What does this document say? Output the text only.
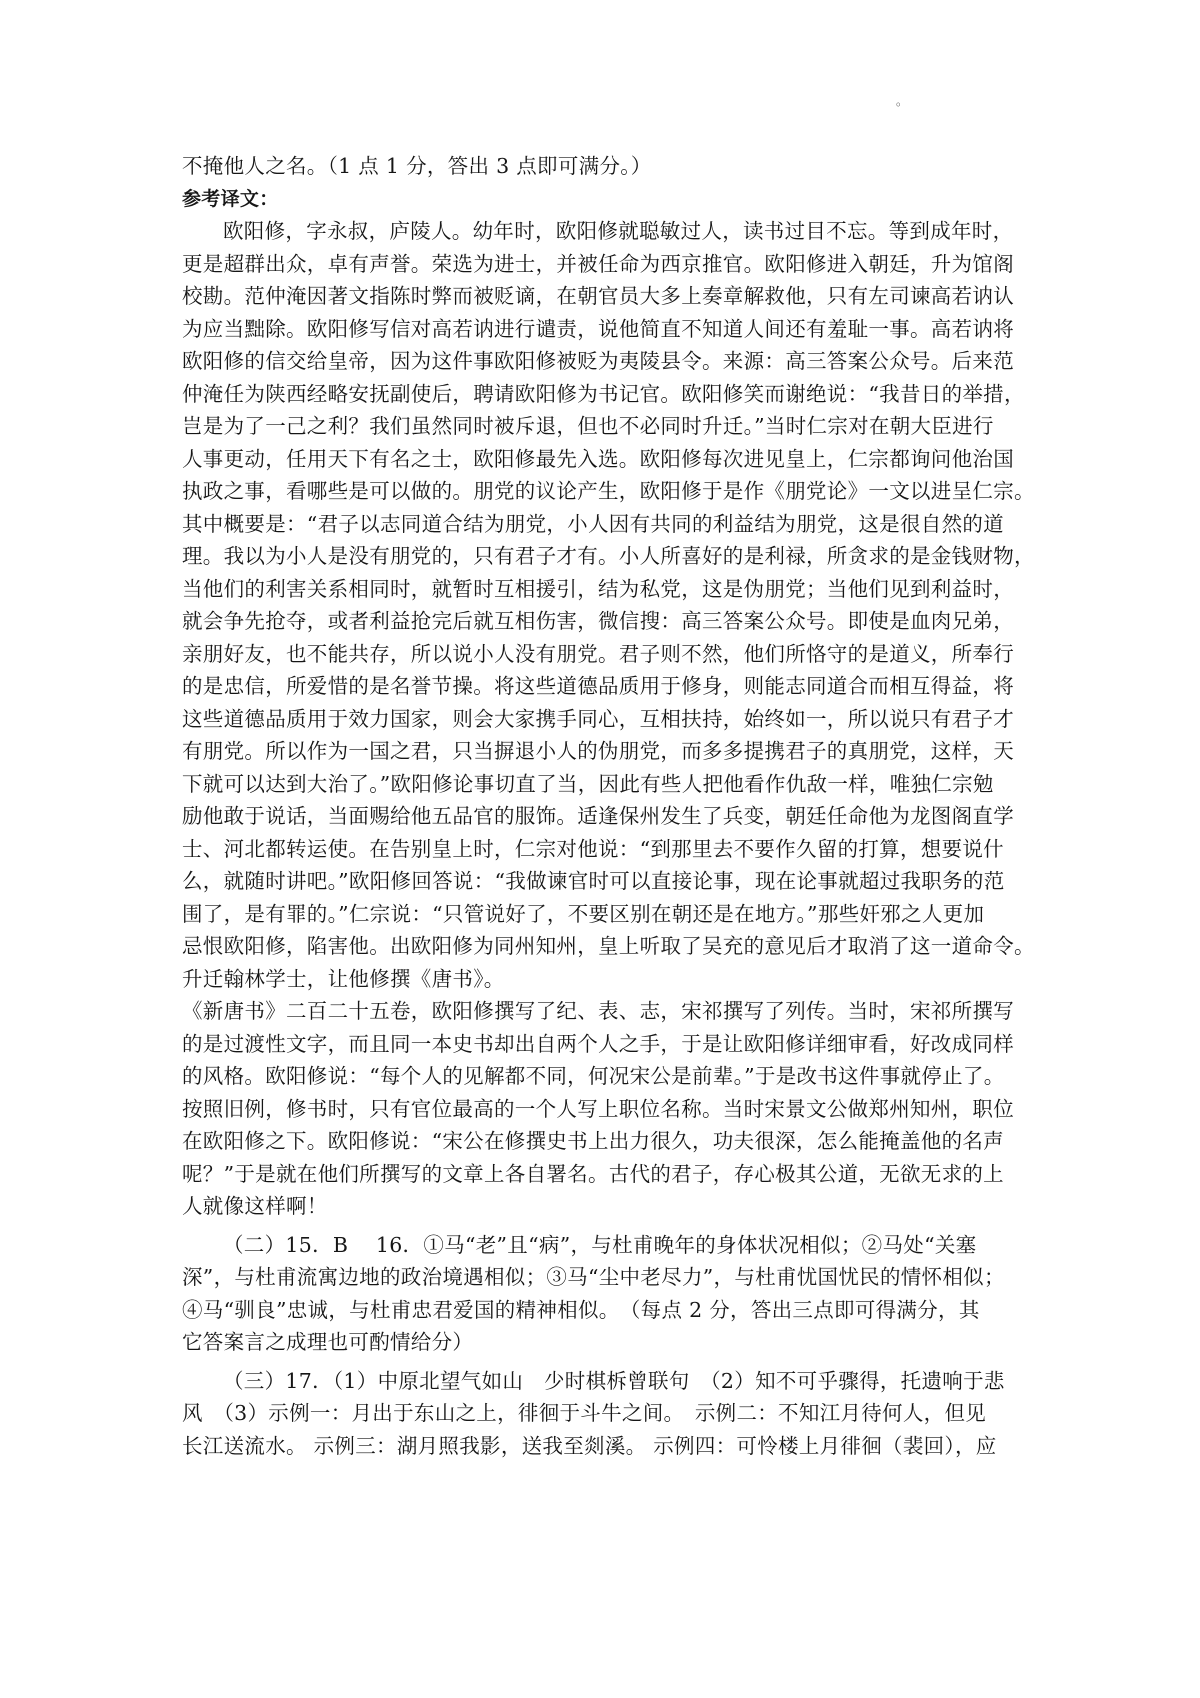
。
不掩他人之名。（1 点 1 分，答出 3 点即可满分。）
参考译文：
欧阳修，字永叔，庐陵人。幼年时，欧阳修就聪敏过人，读书过目不忘。等到成年时，
更是超群出众，卓有声誉。荣选为进士，并被任命为西京推官。欧阳修进入朝廷，升为馆阁
校勘。范仲淹因著文指陈时弊而被贬谪，在朝官员大多上奏章解救他，只有左司谏高若讷认
为应当黜除。欧阳修写信对高若讷进行谴责，说他简直不知道人间还有羞耻一事。高若讷将
欧阳修的信交给皇帝，因为这件事欧阳修被贬为夷陵县令。来源：高三答案公众号。后来范
仲淹任为陕西经略安抚副使后，聘请欧阳修为书记官。欧阳修笑而谢绝说：“我昔日的举措，
岂是为了一己之利？我们虽然同时被斥退，但也不必同时升迁。”当时仁宗对在朝大臣进行
人事更动，任用天下有名之士，欧阳修最先入选。欧阳修每次进见皇上，仁宗都询问他治国
执政之事，看哪些是可以做的。朋党的议论产生，欧阳修于是作《朋党论》一文以进呈仁宗。
其中概要是：“君子以志同道合结为朋党，小人因有共同的利益结为朋党，这是很自然的道
理。我以为小人是没有朋党的，只有君子才有。小人所喜好的是利禄，所贪求的是金钱财物，
当他们的利害关系相同时，就暂时互相援引，结为私党，这是伪朋党；当他们见到利益时，
就会争先抢夺，或者利益抢完后就互相伤害，微信搜：高三答案公众号。即使是血肉兄弟，
亲朋好友，也不能共存，所以说小人没有朋党。君子则不然，他们所恪守的是道义，所奉行
的是忠信，所爱惜的是名誉节操。将这些道德品质用于修身，则能志同道合而相互得益，将
这些道德品质用于效力国家，则会大家携手同心，互相扶持，始终如一，所以说只有君子才
有朋党。所以作为一国之君，只当摒退小人的伪朋党，而多多提携君子的真朋党，这样，天
下就可以达到大治了。”欧阳修论事切直了当，因此有些人把他看作仇敌一样，唯独仁宗勉
励他敢于说话，当面赐给他五品官的服饰。适逢保州发生了兵变，朝廷任命他为龙图阁直学
士、河北都转运使。在告别皇上时，仁宗对他说：“到那里去不要作久留的打算，想要说什
么，就随时讲吧。”欧阳修回答说：“我做谏官时可以直接论事，现在论事就超过我职务的范
围了，是有罪的。”仁宗说：“只管说好了，不要区别在朝还是在地方。”那些奸邪之人更加
忌恨欧阳修，陷害他。出欧阳修为同州知州，皇上听取了吴充的意见后才取消了这一道命令。
升迁翰林学士，让他修撰《唐书》。
《新唐书》二百二十五卷，欧阳修撰写了纪、表、志，宋祁撰写了列传。当时，宋祁所撰写
的是过渡性文字，而且同一本史书却出自两个人之手，于是让欧阳修详细审看，好改成同样
的风格。欧阳修说：“每个人的见解都不同，何况宋公是前辈。”于是改书这件事就停止了。
按照旧例，修书时，只有官位最高的一个人写上职位名称。当时宋景文公做郑州知州，职位
在欧阳修之下。欧阳修说：“宋公在修撰史书上出力很久，功夫很深，怎么能掩盖他的名声
呢？”于是就在他们所撰写的文章上各自署名。古代的君子，存心极其公道，无欲无求的上
人就像这样啊！
（二）15．B　 16．①马“老”且“病”，与杜甫晚年的身体状况相似；②马处“关塞
深”，与杜甫流寓边地的政治境遇相似；③马“尘中老尽力”，与杜甫忧国忧民的情怀相似；
④马“驯良”忠诚，与杜甫忠君爱国的精神相似。　（每点 2 分，答出三点即可得满分，其
它答案言之成理也可酌情给分）
（三）17．（1）中原北望气如山　少时棋柝曾联句　（2）知不可乎骤得，托遗响于悲
风　（3）示例一：月出于东山之上，徘徊于斗牛之间。　示例二：不知江月待何人，但见
长江送流水。 示例三：湖月照我影，送我至剡溪。 示例四：可怜楼上月徘徊（裴回），应
